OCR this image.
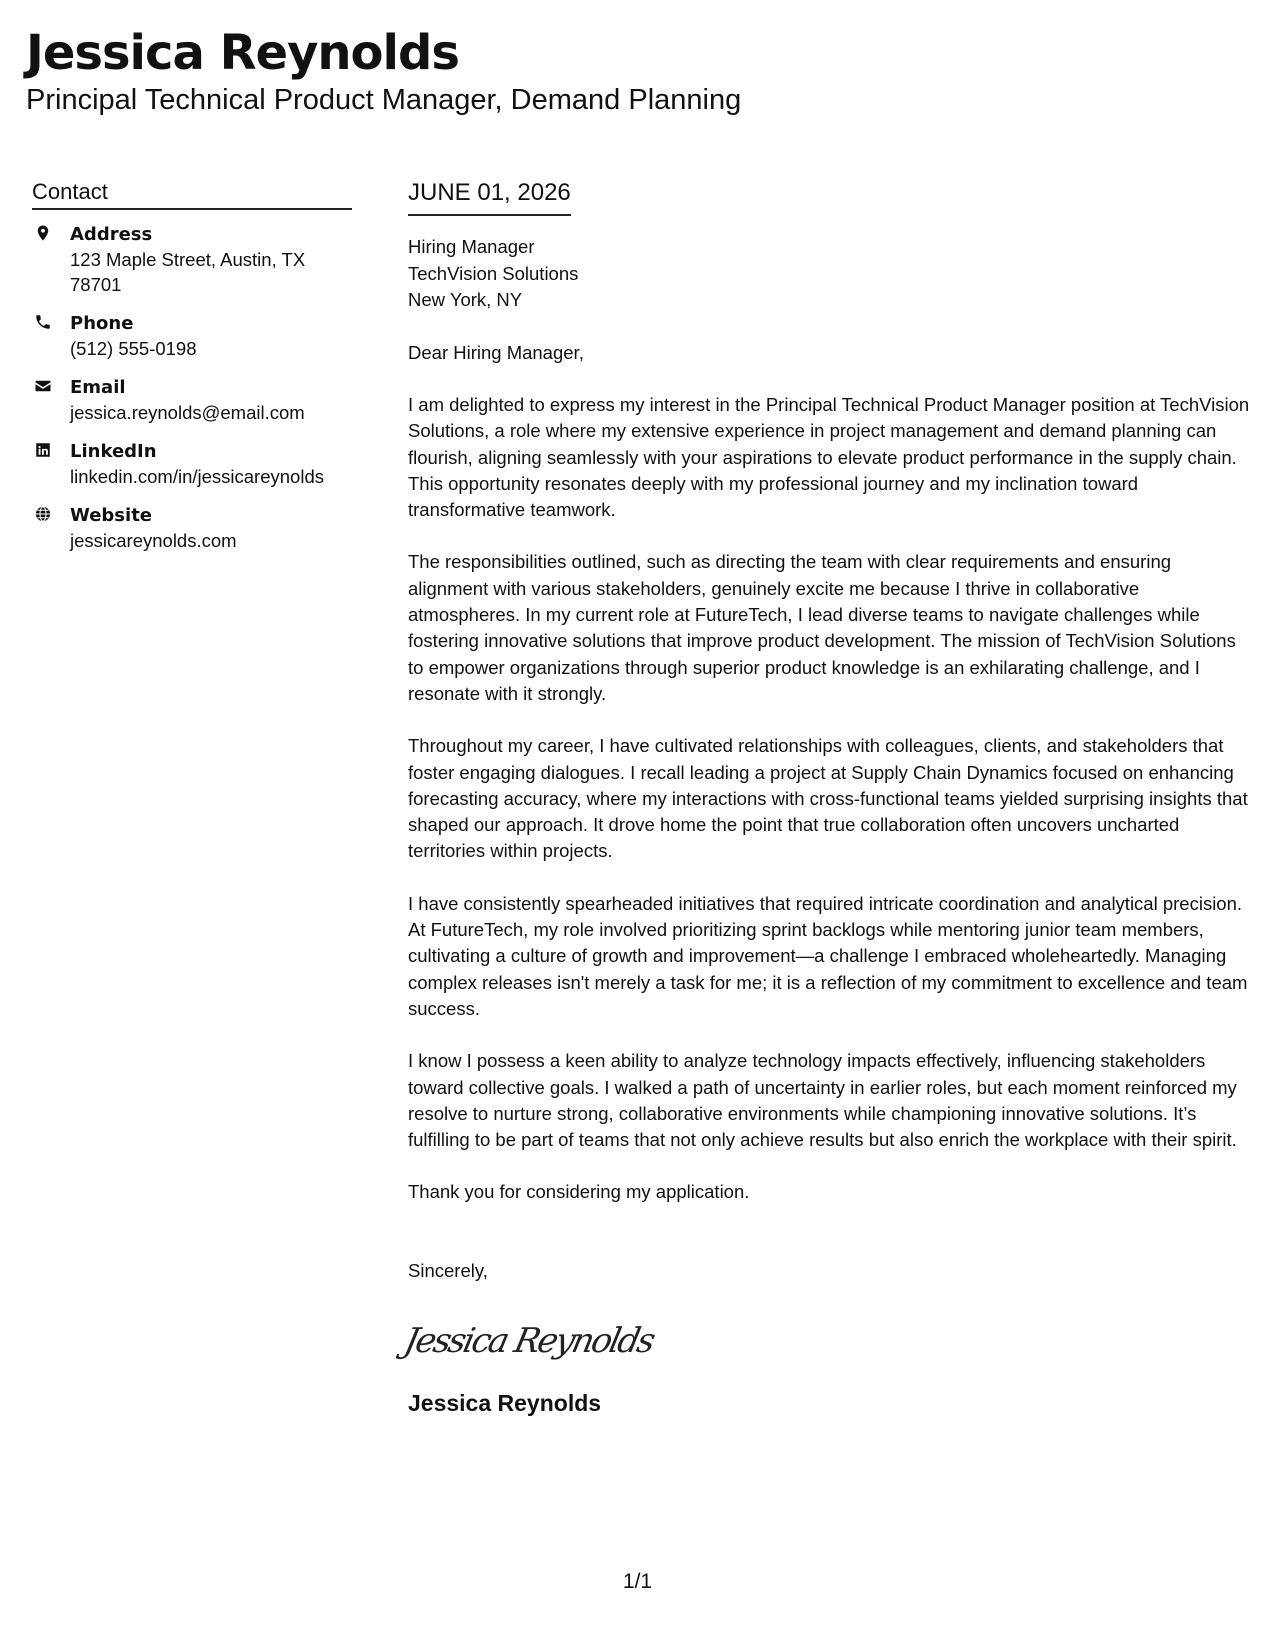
Jessica Reynolds
Principal Technical Product Manager, Demand Planning
Contact
Address
123 Maple Street, Austin, TX 78701
Phone
(512) 555-0198
Email
jessica.reynolds@email.com
LinkedIn
linkedin.com/in/jessicareynolds
Website
jessicareynolds.com
JUNE 01, 2026
Hiring Manager
TechVision Solutions
New York, NY

Dear Hiring Manager,

I am delighted to express my interest in the Principal Technical Product Manager position at TechVision Solutions, a role where my extensive experience in project management and demand planning can flourish, aligning seamlessly with your aspirations to elevate product performance in the supply chain. This opportunity resonates deeply with my professional journey and my inclination toward transformative teamwork.

The responsibilities outlined, such as directing the team with clear requirements and ensuring alignment with various stakeholders, genuinely excite me because I thrive in collaborative atmospheres. In my current role at FutureTech, I lead diverse teams to navigate challenges while fostering innovative solutions that improve product development. The mission of TechVision Solutions to empower organizations through superior product knowledge is an exhilarating challenge, and I resonate with it strongly.

Throughout my career, I have cultivated relationships with colleagues, clients, and stakeholders that foster engaging dialogues. I recall leading a project at Supply Chain Dynamics focused on enhancing forecasting accuracy, where my interactions with cross-functional teams yielded surprising insights that shaped our approach. It drove home the point that true collaboration often uncovers uncharted territories within projects.

I have consistently spearheaded initiatives that required intricate coordination and analytical precision. At FutureTech, my role involved prioritizing sprint backlogs while mentoring junior team members, cultivating a culture of growth and improvement—a challenge I embraced wholeheartedly. Managing complex releases isn't merely a task for me; it is a reflection of my commitment to excellence and team success.

I know I possess a keen ability to analyze technology impacts effectively, influencing stakeholders toward collective goals. I walked a path of uncertainty in earlier roles, but each moment reinforced my resolve to nurture strong, collaborative environments while championing innovative solutions. It’s fulfilling to be part of teams that not only achieve results but also enrich the workplace with their spirit.

Thank you for considering my application.

Sincerely,
Jessica Reynolds
Jessica Reynolds
1/1
